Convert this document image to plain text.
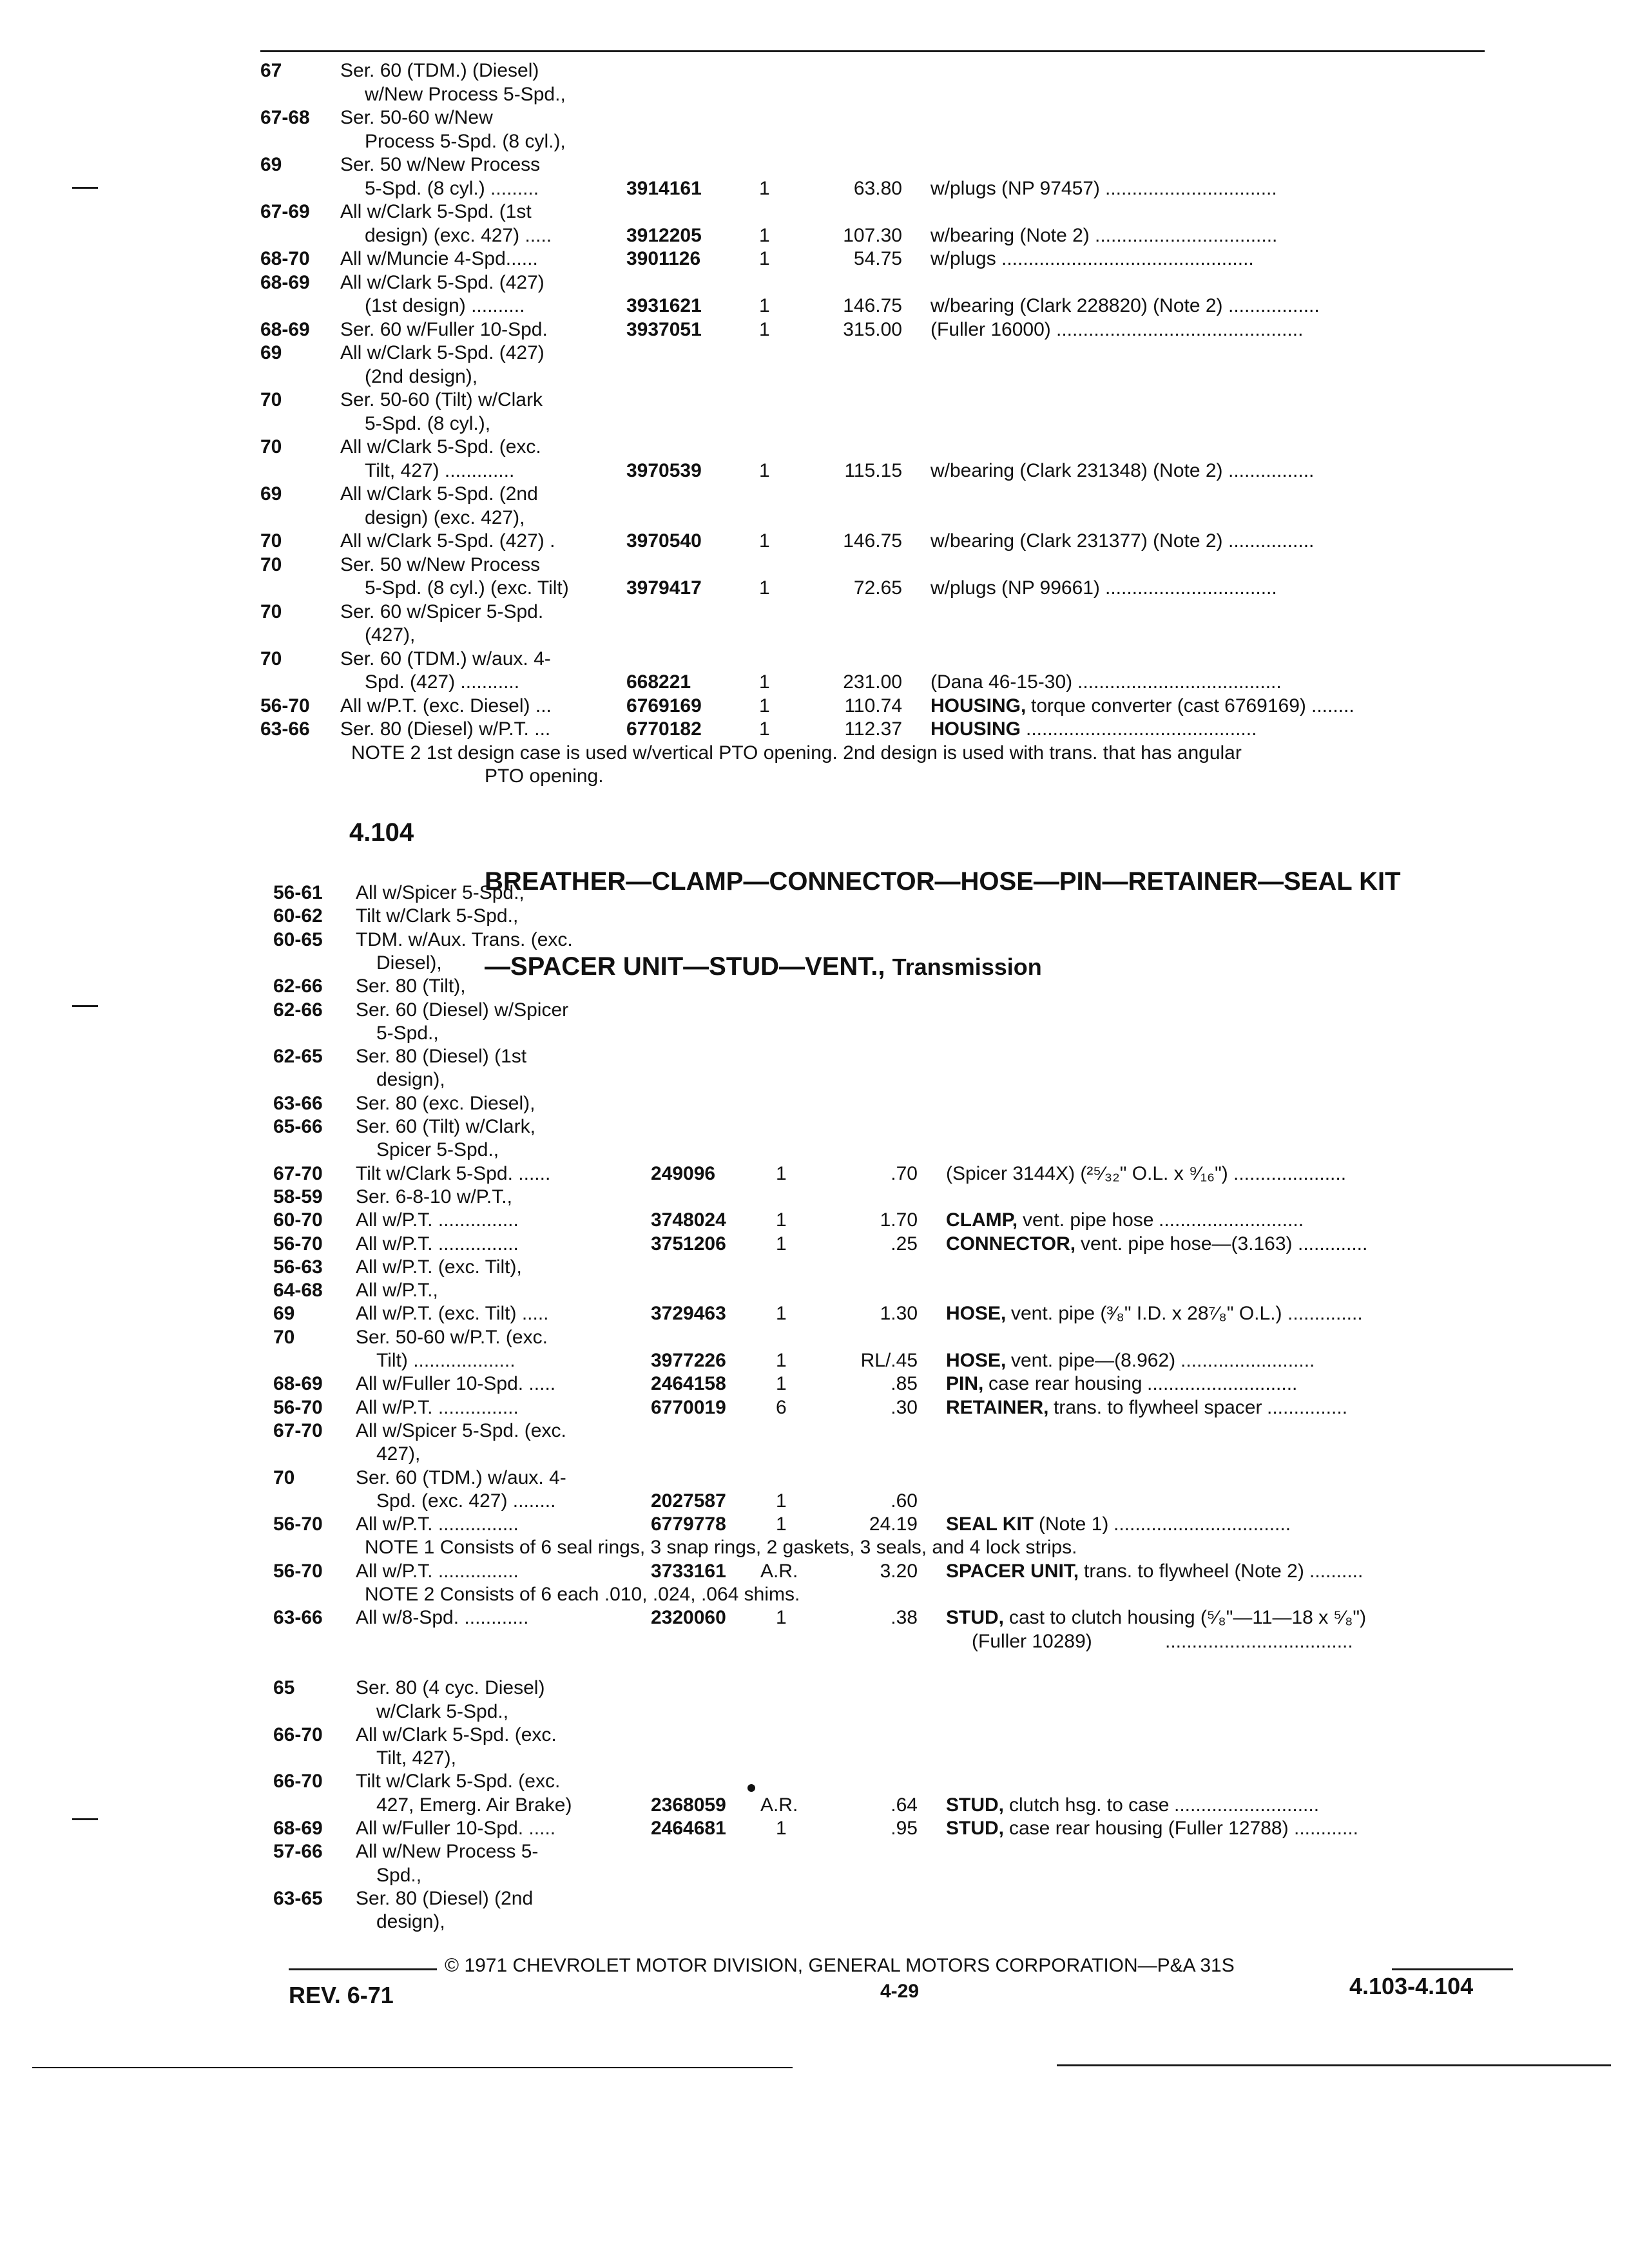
67	Ser. 60 (TDM.) (Diesel)
w/New Process 5-Spd.,
67-68 Ser. 50-60 w/New
Process 5-Spd. (8 cyl.),
69	Ser. 50 w/New Process
5-Spd. (8 cyl.) .........	3914161	1	63.80 w/plugs (NP 97457) ................................
67-69 All w/Clark 5-Spd. (1st
design) (exc. 427) .....	3912205	1	107.30 w/bearing (Note 2) ..................................
68-70 All w/Muncie 4-Spd......	3901126	1	54.75 w/plugs ...............................................
68-69 All w/Clark 5-Spd. (427)
(1st design) ..........	3931621	1	146.75 w/bearing (Clark 228820) (Note 2) .................
68-69 Ser. 60 w/Fuller 10-Spd.	3937051	1	315.00 (Fuller 16000) ..............................................
69	All w/Clark 5-Spd. (427)
(2nd design),
70	Ser. 50-60 (Tilt) w/Clark
5-Spd. (8 cyl.),
70	All w/Clark 5-Spd. (exc.
Tilt, 427) .............	3970539	1	115.15 w/bearing (Clark 231348) (Note 2) ................
69	All w/Clark 5-Spd. (2nd
design) (exc. 427),
70	All w/Clark 5-Spd. (427) .	3970540	1	146.75 w/bearing (Clark 231377) (Note 2) ................
70	Ser. 50 w/New Process
5-Spd. (8 cyl.) (exc. Tilt)	3979417	1	72.65 w/plugs (NP 99661) ................................
70	Ser. 60 w/Spicer 5-Spd.
(427),
70	Ser. 60 (TDM.) w/aux. 4-
Spd. (427) ...........	668221	1	231.00 (Dana 46-15-30) ......................................
56-70 All w/P.T. (exc. Diesel) ...	6769169	1	110.74 HOUSING, torque converter (cast 6769169) ........
63-66 Ser. 80 (Diesel) w/P.T. ...	6770182	1	112.37 HOUSING ...........................................
NOTE 2 1st design case is used w/vertical PTO opening. 2nd design is used with trans. that has angular
PTO opening.
4.104

BREATHER—CLAMP—CONNECTOR—HOSE—PIN—RETAINER—SEAL KIT

—SPACER UNIT—STUD—VENT., Transmission

56-61 All w/Spicer 5-Spd.,
60-62 Tilt w/Clark 5-Spd.,
60-65 TDM. w/Aux. Trans. (exc.
Diesel),
62-66 Ser. 80 (Tilt),
62-66 Ser. 60 (Diesel) w/Spicer
5-Spd.,
62-65 Ser. 80 (Diesel) (1st
design),
63-66 Ser. 80 (exc. Diesel),
65-66 Ser. 60 (Tilt) w/Clark,
Spicer 5-Spd.,
67-70 Tilt w/Clark 5-Spd. ......	249096	1	.70 (Spicer 3144X) (²⁵⁄₃₂" O.L. x ⁹⁄₁₆") .....................
58-59 Ser. 6-8-10 w/P.T.,
60-70 All w/P.T. ...............	3748024	1	1.70 CLAMP, vent. pipe hose ...........................
56-70 All w/P.T. ...............	3751206	1	.25 CONNECTOR, vent. pipe hose—(3.163) .............
56-63 All w/P.T. (exc. Tilt),
64-68 All w/P.T.,
69	All w/P.T. (exc. Tilt) .....	3729463	1	1.30 HOSE, vent. pipe (³⁄₈" I.D. x 28⁷⁄₈" O.L.) ..............
70	Ser. 50-60 w/P.T. (exc.
Tilt) ...................	3977226	1	RL/.45 HOSE, vent. pipe—(8.962) .........................
68-69 All w/Fuller 10-Spd. .....	2464158	1	.85 PIN, case rear housing ............................
56-70 All w/P.T. ...............	6770019	6	.30 RETAINER, trans. to flywheel spacer ...............
67-70 All w/Spicer 5-Spd. (exc.
427),
70	Ser. 60 (TDM.) w/aux. 4-
Spd. (exc. 427) ........	2027587	1	.60
56-70 All w/P.T. ...............	6779778	1	24.19 SEAL KIT (Note 1) .................................
NOTE 1 Consists of 6 seal rings, 3 snap rings, 2 gaskets, 3 seals, and 4 lock strips.
56-70 All w/P.T. ...............	3733161 A.R.	3.20 SPACER UNIT, trans. to flywheel (Note 2) ..........
NOTE 2 Consists of 6 each .010, .024, .064 shims.
63-66 All w/8-Spd. ............	2320060	1	.38 STUD, cast to clutch housing (⁵⁄₈"—11—18 x ⁵⁄₈")
(Fuller 10289)	...................................
65	Ser. 80 (4 cyc. Diesel)
w/Clark 5-Spd.,
66-70 All w/Clark 5-Spd. (exc.
Tilt, 427),
66-70 Tilt w/Clark 5-Spd. (exc.
427, Emerg. Air Brake)	2368059 A.R.	.64 STUD, clutch hsg. to case ...........................
68-69 All w/Fuller 10-Spd. .....	2464681	1	.95 STUD, case rear housing (Fuller 12788) ............
57-66 All w/New Process 5-
Spd.,
63-65 Ser. 80 (Diesel) (2nd
design),
© 1971 CHEVROLET MOTOR DIVISION, GENERAL MOTORS CORPORATION—P&A 31S
REV. 6-71	4-29	4.103-4.104
